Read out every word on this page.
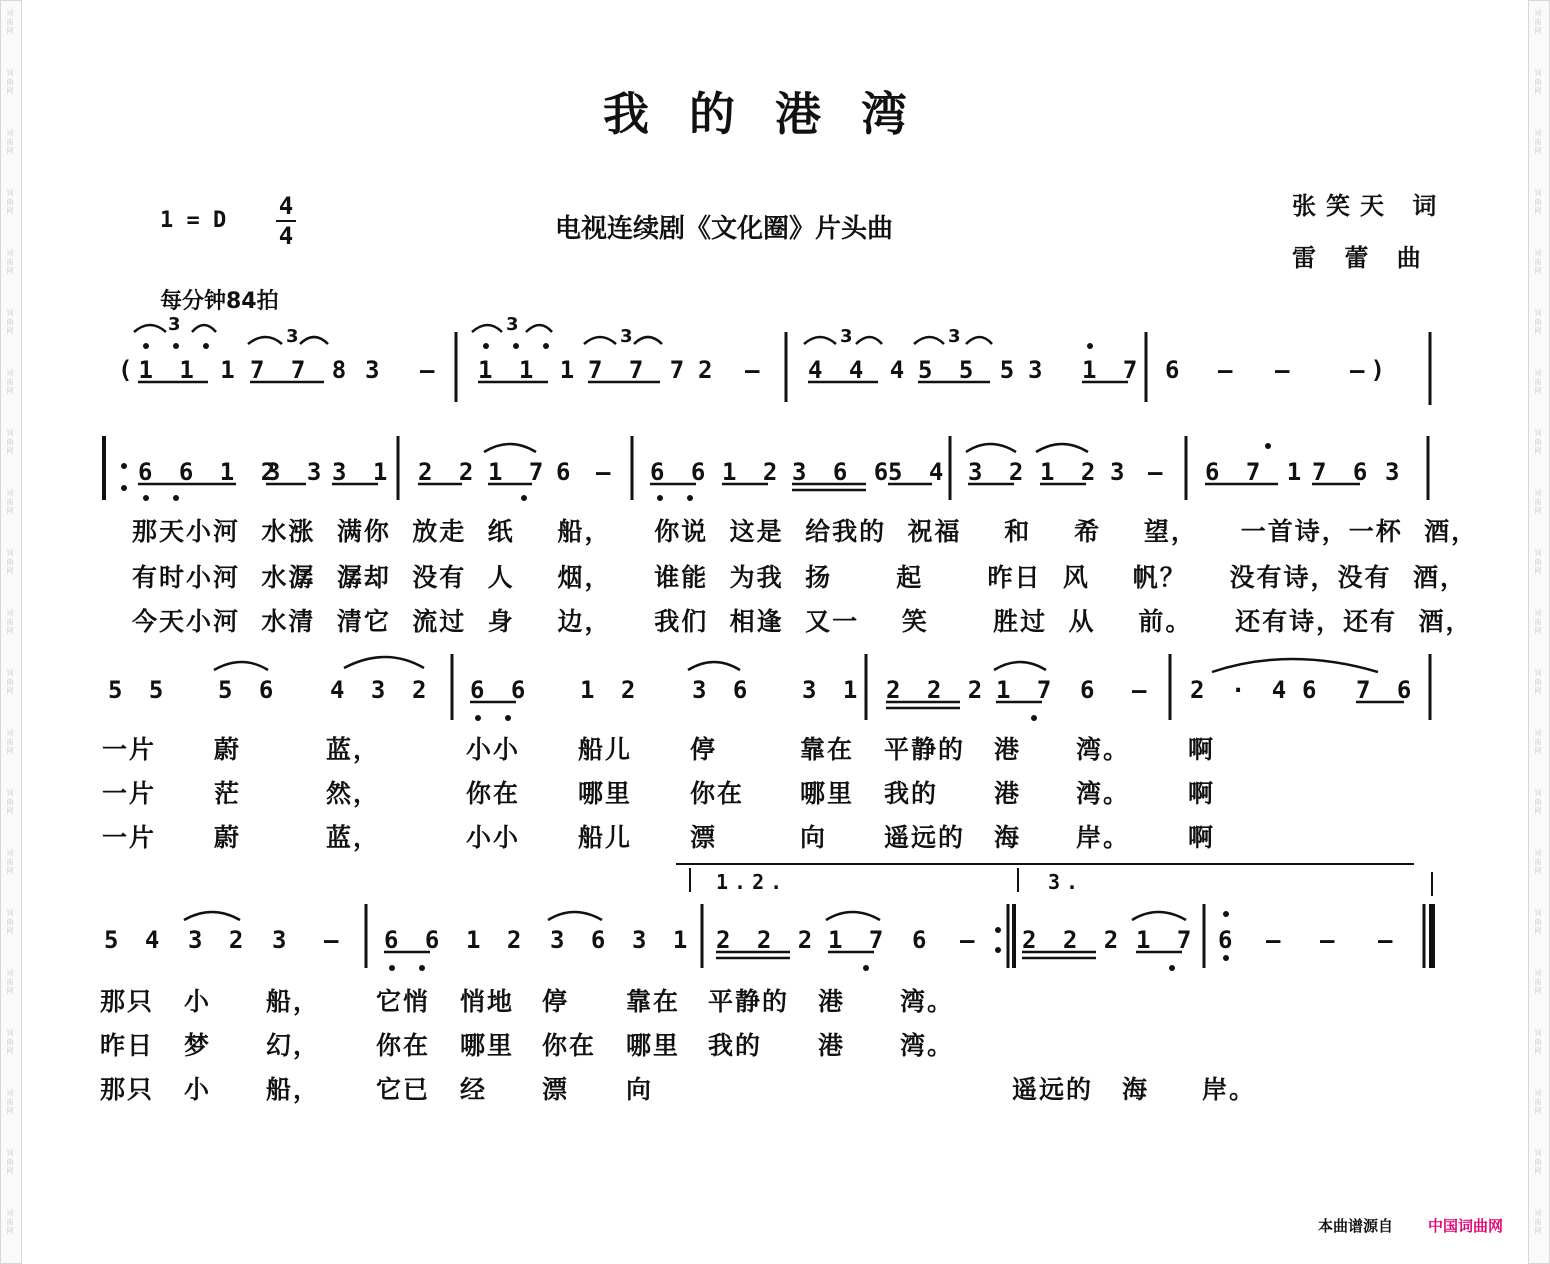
词
曲
网
词
曲
网
词
曲
网
词
曲
网
词
曲
网
词
曲
网
词
曲
网
词
曲
网
词
曲
网
词
曲
网
词
曲
网
词
曲
网
词
曲
网
词
曲
网
词
曲
网
词
曲
网
词
曲
网
词
曲
网
词
曲
网
词
曲
网
词
曲
网
词
曲
网
词
曲
网
词
曲
网
词
曲
网
词
曲
网
词
曲
网
词
曲
网
词
曲
网
词
曲
网
词
曲
网
词
曲
网
词
曲
网
词
曲
网
词
曲
网
词
曲
网
词
曲
网
词
曲
网
词
曲
网
词
曲
网
词
曲
网
词
曲
网
我的港湾
1 = D
4
4	电视连续剧《文化圈》片头曲
张笑天 词
雷 蕾 曲
每分钟84拍
(1 1 1 7 7 8 3 — 1 1 1 7 7 7 2 — 4 4 4 5 5 5 3 1 7 6 — — —)
3
3
3
3	3	3
6 6 1 2
3 3 3 1 2 2 1 7 6 — 6 6 1 2 3 6 6
5 4 3 2 1 2 3 — 6 7 1 7 6 3
那天小河  水涨  满你  放走  纸    船，    你说  这是  给我的  祝福    和    希    望，    一首诗，一杯  酒，
有时小河  水潺  潺却  没有  人    烟，    谁能  为我  扬      起      昨日  风    帆？    没有诗，没有  酒，
今天小河  水清  清它  流过  身    边，    我们  相逢  又一    笑      胜过  从    前。    还有诗，还有  酒，
5 5 5 6 4 3 2 6 6 1 2 3 6 3 1 2 2 2 1 7 6 — 2 · 4 6 7 6
一片 蔚	蓝，	小小 船儿 停	靠在 平静的 港 湾。 啊
一片 茫	然，	你在 哪里 你在 哪里 我的 港 湾。 啊
一片 蔚	蓝，	小小 船儿 漂	向 遥远的 海 岸。 啊
1.2.	3.
5 4 3 2 3 — 6 6 1 2 3 6 3 1 2 2 2 1 7 6 — 2 2 2 1 7 6 — — —
那只 小 船， 它悄 悄地 停 靠在 平静的 港 湾。
昨日 梦 幻， 你在 哪里 你在 哪里 我的 港 湾。
那只 小 船， 它已 经 漂 向	遥远的 海 岸。
本曲谱源自 中国词曲网
